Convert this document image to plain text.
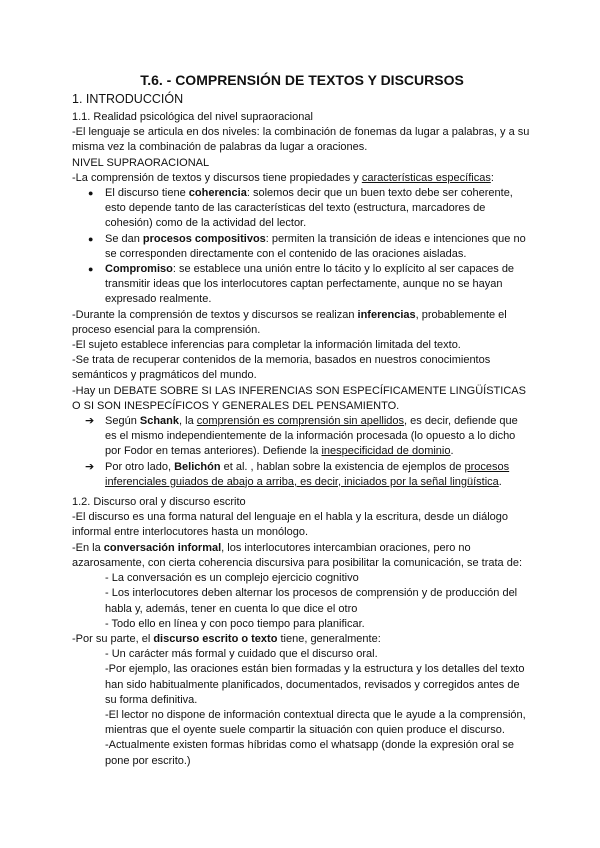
T.6. - COMPRENSIÓN DE TEXTOS Y DISCURSOS

1. INTRODUCCIÓN

1.1. Realidad psicológica del nivel supraoracional

-El lenguaje se articula en dos niveles: la combinación de fonemas da lugar a palabras, y a su misma vez la combinación de palabras da lugar a oraciones.

NIVEL SUPRAORACIONAL

-La comprensión de textos y discursos tiene propiedades y características específicas:

● El discurso tiene coherencia: solemos decir que un buen texto debe ser coherente, esto depende tanto de las características del texto (estructura, marcadores de cohesión) como de la actividad del lector.
● Se dan procesos compositivos: permiten la transición de ideas e intenciones que no se corresponden directamente con el contenido de las oraciones aisladas.
● Compromiso: se establece una unión entre lo tácito y lo explícito al ser capaces de transmitir ideas que los interlocutores captan perfectamente, aunque no se hayan expresado realmente.

-Durante la comprensión de textos y discursos se realizan inferencias, probablemente el proceso esencial para la comprensión.

-El sujeto establece inferencias para completar la información limitada del texto.

-Se trata de recuperar contenidos de la memoria, basados en nuestros conocimientos semánticos y pragmáticos del mundo.

-Hay un DEBATE SOBRE SI LAS INFERENCIAS SON ESPECÍFICAMENTE LINGÜÍSTICAS O SI SON INESPECÍFICOS Y GENERALES DEL PENSAMIENTO.

➔ Según Schank, la comprensión es comprensión sin apellidos, es decir, defiende que es el mismo independientemente de la información procesada (lo opuesto a lo dicho por Fodor en temas anteriores). Defiende la inespecificidad de dominio.
➔ Por otro lado, Belichón et al. , hablan sobre la existencia de ejemplos de procesos inferenciales guiados de abajo a arriba, es decir, iniciados por la señal lingüística.

1.2. Discurso oral y discurso escrito

-El discurso es una forma natural del lenguaje en el habla y la escritura, desde un diálogo informal entre interlocutores hasta un monólogo.

-En la conversación informal, los interlocutores intercambian oraciones, pero no azarosamente, con cierta coherencia discursiva para posibilitar la comunicación, se trata de:

- La conversación es un complejo ejercicio cognitivo

- Los interlocutores deben alternar los procesos de comprensión y de producción del habla y, además, tener en cuenta lo que dice el otro

- Todo ello en línea y con poco tiempo para planificar.

-Por su parte, el discurso escrito o texto tiene, generalmente:

- Un carácter más formal y cuidado que el discurso oral.

-Por ejemplo, las oraciones están bien formadas y la estructura y los detalles del texto han sido habitualmente planificados, documentados, revisados y corregidos antes de su forma definitiva.

-El lector no dispone de información contextual directa que le ayude a la comprensión, mientras que el oyente suele compartir la situación con quien produce el discurso.

-Actualmente existen formas híbridas como el whatsapp (donde la expresión oral se pone por escrito.)
